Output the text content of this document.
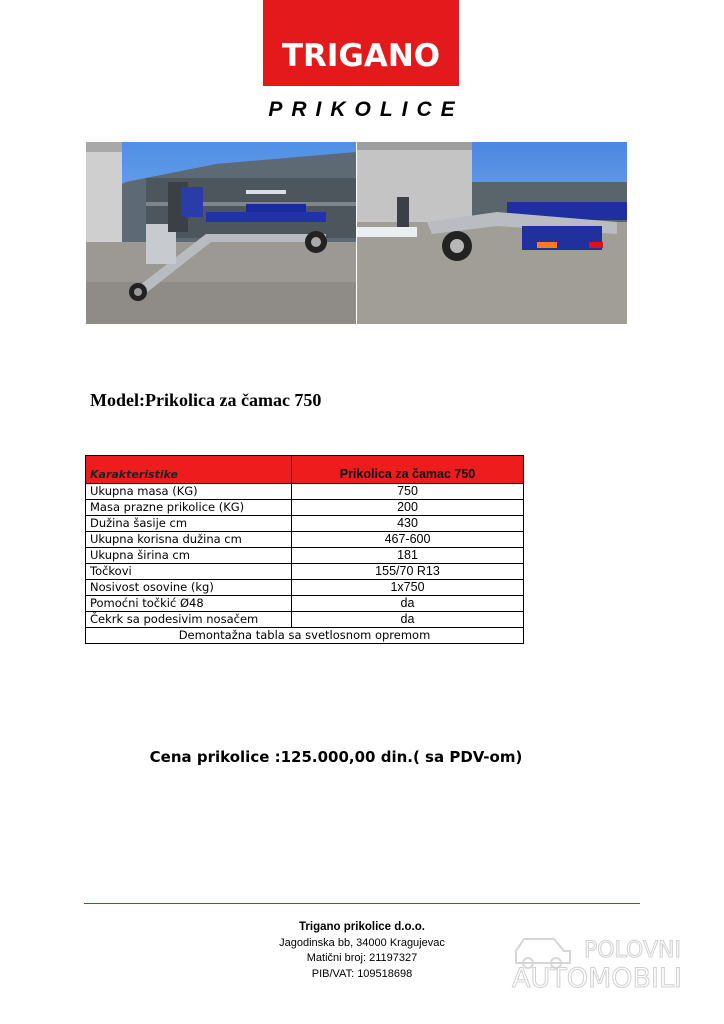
TRIGANO
PRIKOLICE
Model:Prikolica za čamac 750
Karakteristike	Prikolica za čamac 750
Ukupna masa (KG)	750
Masa prazne prikolice (KG)	200
Dužina šasije cm	430
Ukupna korisna dužina cm	467-600
Ukupna širina cm	181
Točkovi	155/70 R13
Nosivost osovine (kg)	1x750
Pomoćni točkić Ø48	da
Čekrk sa podesivim nosačem	da
Demontažna tabla sa svetlosnom opremom	
Cena prikolice :125.000,00 din.( sa PDV-om)
Trigano prikolice d.o.o.
Jagodinska bb, 34000 Kragujevac
Matični broj: 21197327
PIB/VAT: 109518698
POLOVNI
AUTOMOBILI
